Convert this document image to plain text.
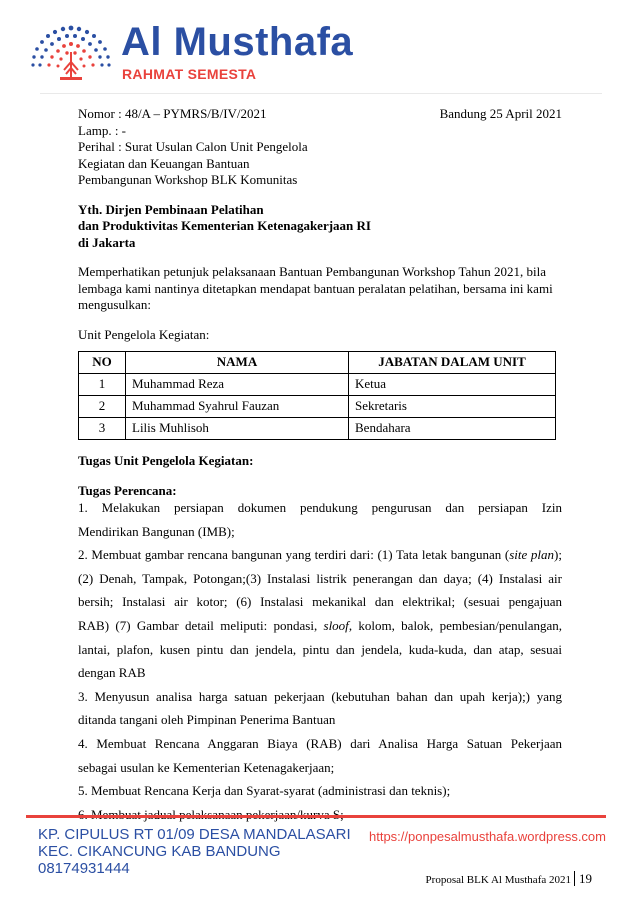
Al Musthafa
RAHMAT SEMESTA
Nomor : 48/A – PYMRS/B/IV/2021	Bandung 25 April 2021
Lamp. : -
Perihal : Surat Usulan Calon Unit Pengelola
Kegiatan dan Keuangan Bantuan
Pembangunan Workshop BLK Komunitas
Yth. Dirjen Pembinaan Pelatihan
dan Produktivitas Kementerian Ketenagakerjaan RI
di Jakarta

Memperhatikan petunjuk pelaksanaan Bantuan Pembangunan Workshop Tahun 2021, bila lembaga kami nantinya ditetapkan mendapat bantuan peralatan pelatihan, bersama ini kami mengusulkan:

Unit Pengelola Kegiatan:
NO	NAMA	JABATAN DALAM UNIT
1	Muhammad Reza	Ketua
2	Muhammad Syahrul Fauzan	Sekretaris
3	Lilis Muhlisoh	Bendahara
Tugas Unit Pengelola Kegiatan:
Tugas Perencana:

1. Melakukan persiapan dokumen pendukung pengurusan dan persiapan Izin

Mendirikan Bangunan (IMB);

2. Membuat gambar rencana bangunan yang terdiri dari: (1) Tata letak bangunan (site plan);

(2) Denah, Tampak, Potongan;(3) Instalasi listrik penerangan dan daya; (4) Instalasi air

bersih; Instalasi air kotor; (6) Instalasi mekanikal dan elektrikal; (sesuai pengajuan

RAB) (7) Gambar detail meliputi: pondasi, sloof, kolom, balok, pembesian/penulangan,

lantai, plafon, kusen pintu dan jendela, pintu dan jendela, kuda-kuda, dan atap, sesuai

dengan RAB

3. Menyusun analisa harga satuan pekerjaan (kebutuhan bahan dan upah kerja);) yang

ditanda tangani oleh Pimpinan Penerima Bantuan

4. Membuat Rencana Anggaran Biaya (RAB) dari Analisa Harga Satuan Pekerjaan

sebagai usulan ke Kementerian Ketenagakerjaan;

5. Membuat Rencana Kerja dan Syarat-syarat (administrasi dan teknis);

KP. CIPULUS RT 01/09 DESA MANDALASARI
KEC. CIKANCUNG KAB BANDUNG
08174931444
https://ponpesalmusthafa.wordpress.com
Proposal BLK Al Musthafa 2021 19
